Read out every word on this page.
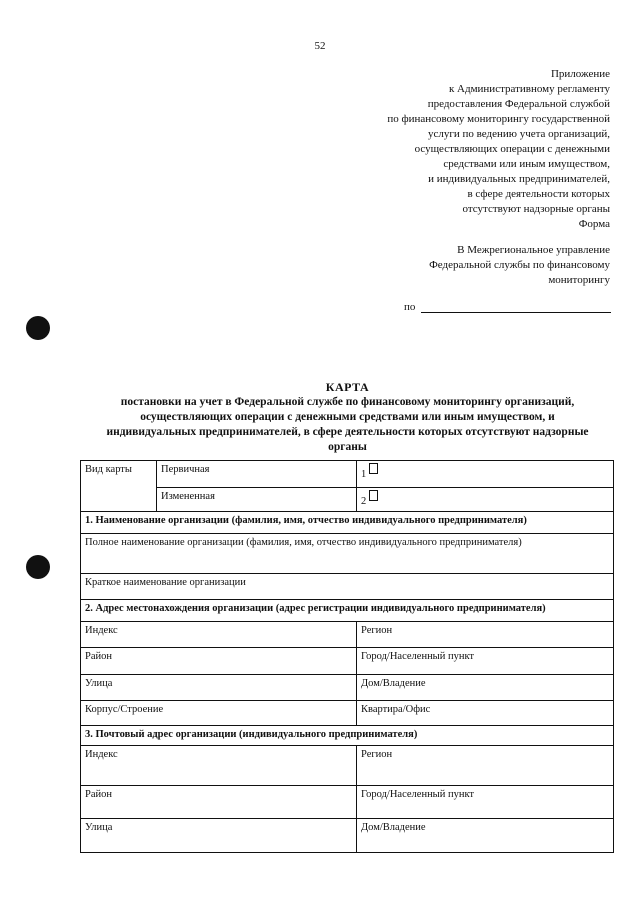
52
Приложение
к Административному регламенту
предоставления Федеральной службой
по финансовому мониторингу государственной
услуги по ведению учета организаций,
осуществляющих операции с денежными
средствами или иным имуществом,
и индивидуальных предпринимателей,
в сфере деятельности которых
отсутствуют надзорные органы
Форма
В Межрегиональное управление
Федеральной службы по финансовому
мониторингу
по
КАРТА
постановки на учет в Федеральной службе по финансовому мониторингу организаций,
осуществляющих операции с денежными средствами или иным имуществом, и
индивидуальных предпринимателей, в сфере деятельности которых отсутствуют надзорные
органы
Вид карты	Первичная	1
	Измененная	2
1. Наименование организации (фамилия, имя, отчество индивидуального предпринимателя)		
Полное наименование организации (фамилия, имя, отчество индивидуального предпринимателя)		
Краткое наименование организации		
2. Адрес местонахождения организации (адрес регистрации индивидуального предпринимателя)		
Индекс		Регион
Район		Город/Населенный пункт
Улица		Дом/Владение
Корпус/Строение		Квартира/Офис
3. Почтовый адрес организации (индивидуального предпринимателя)		
Индекс		Регион
Район		Город/Населенный пункт
Улица		Дом/Владение
